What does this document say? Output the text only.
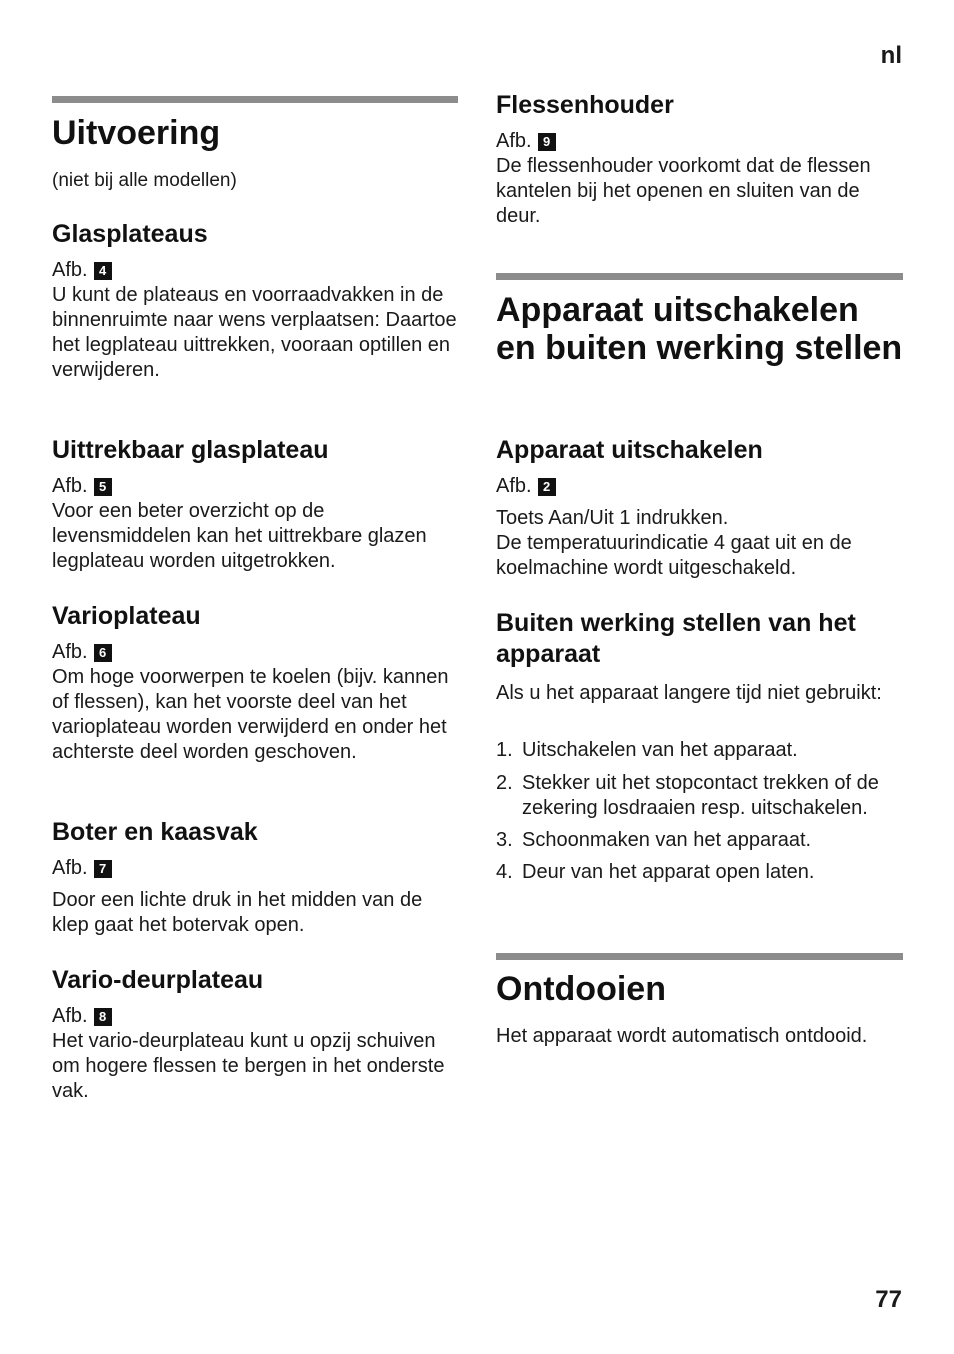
nl
Uitvoering

(niet bij alle modellen)

Glasplateaus
Afb. 4

U kunt de plateaus en voorraadvakken in de binnenruimte naar wens verplaatsen: Daartoe het legplateau uittrekken, vooraan optillen en verwijderen.

Uittrekbaar glasplateau
Afb. 5

Voor een beter overzicht op de levensmiddelen kan het uittrekbare glazen legplateau worden uitgetrokken.

Varioplateau
Afb. 6

Om hoge voorwerpen te koelen (bijv. kannen of flessen), kan het voorste deel van het varioplateau worden verwijderd en onder het achterste deel worden geschoven.

Boter en kaasvak
Afb. 7

Door een lichte druk in het midden van de klep gaat het botervak open.

Vario-deurplateau
Afb. 8

Het vario-deurplateau kunt u opzij schuiven om hogere flessen te bergen in het onderste vak.

Flessenhouder
Afb. 9

De flessenhouder voorkomt dat de flessen kantelen bij het openen en sluiten van de deur.

Apparaat uitschakelen en buiten werking stellen
Apparaat uitschakelen
Afb. 2

Toets Aan/Uit 1 indrukken.

De temperatuurindicatie 4 gaat uit en de koelmachine wordt uitgeschakeld.

Buiten werking stellen van het apparaat

Als u het apparaat langere tijd niet gebruikt:

1. Uitschakelen van het apparaat.
2. Stekker uit het stopcontact trekken of de zekering losdraaien resp. uitschakelen.
3. Schoonmaken van het apparaat.
4. Deur van het apparat open laten.
Ontdooien

Het apparaat wordt automatisch ontdooid.

77
